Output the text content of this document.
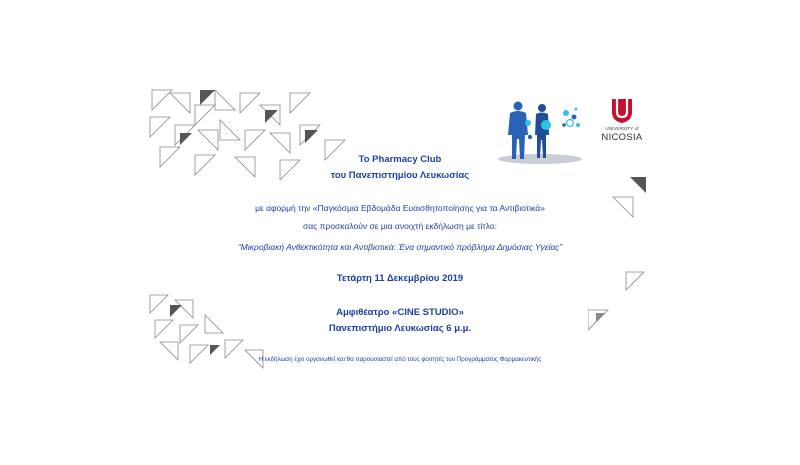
UNIVERSITY of
NICOSIA
Το Pharmacy Club
του Πανεπιστημίου Λευκωσίας
με αφορμή την «Παγκόσμια Εβδομάδα Ευαισθητοποίησης για τα Αντιβιοτικά»
σας προσκαλούν σε μια ανοιχτή εκδήλωση με τίτλο:
“Μικροβιακή Ανθεκτικότητα και Αντιβιοτικά: Ένα σημαντικό πρόβλημα Δημόσιας Υγείας”
Τετάρτη 11 Δεκεμβρίου 2019
Αμφιθέατρο «CINE STUDIO»
Πανεπιστήμιο Λευκωσίας 6 μ.μ.
Η εκδήλωση έχει οργανωθεί και θα παρουσιαστεί από τους φοιτητές του Προγράμματος Φαρμακευτικής
